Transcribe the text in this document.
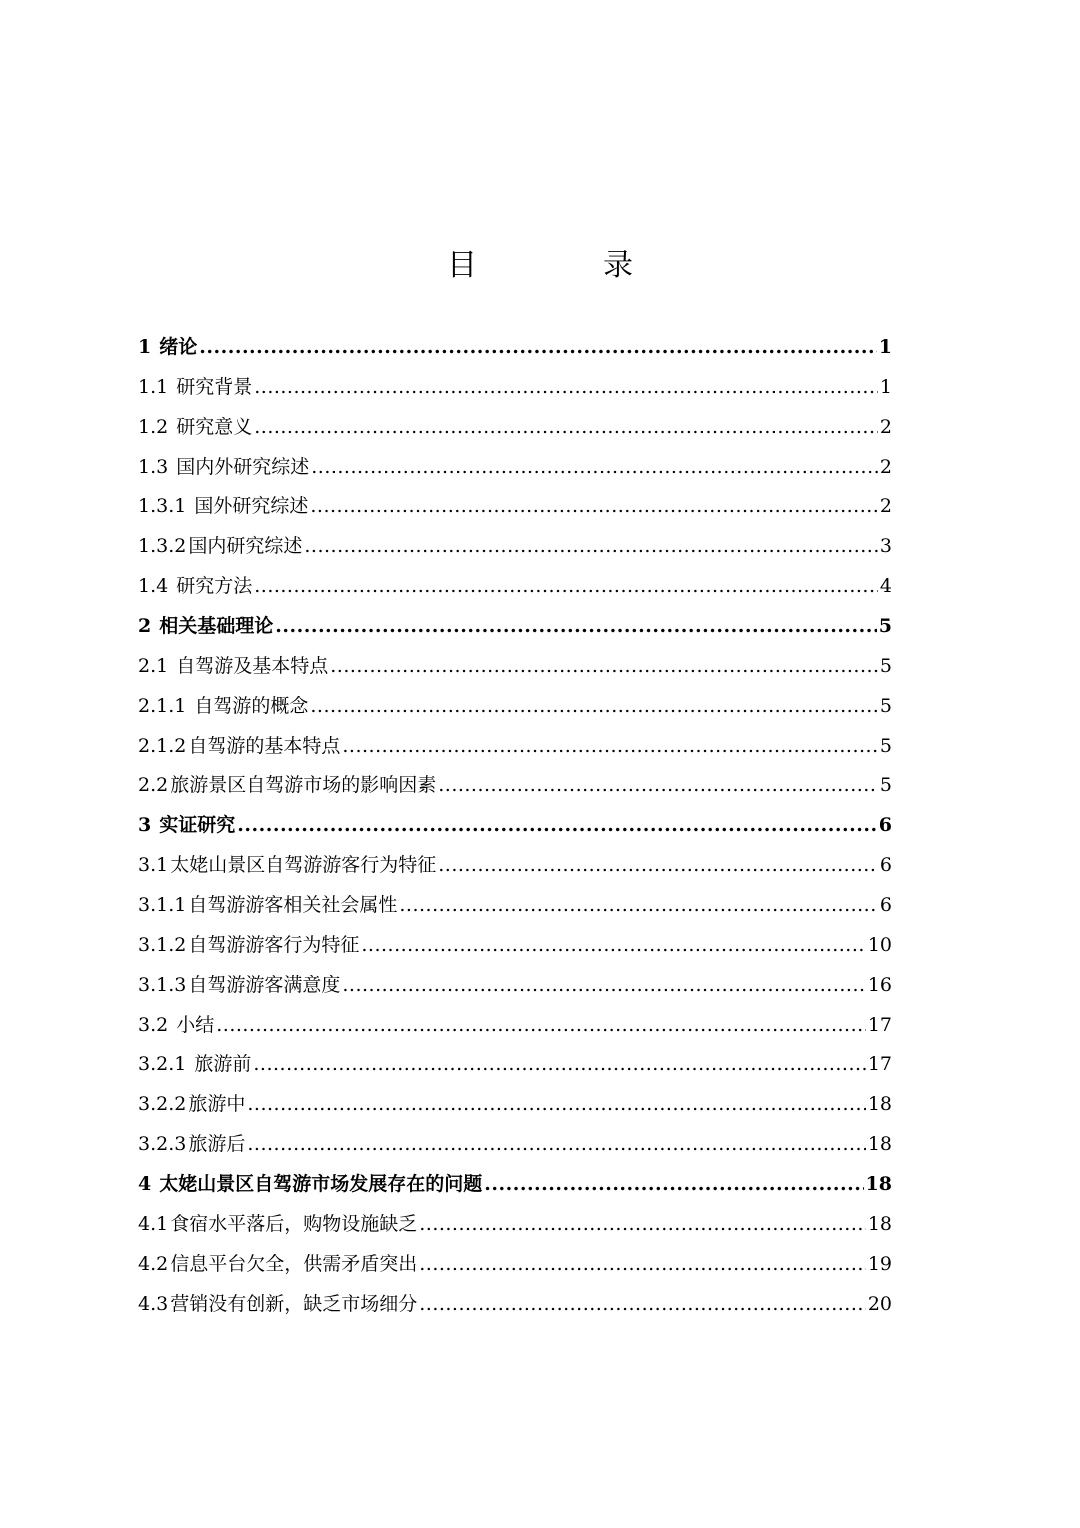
目　录
1 绪论 .....	1
1.1 研究背景 .....	1
1.2 研究意义 .....	2
1.3 国内外研究综述 .....	2
1.3.1 国外研究综述 .....	2
1.3.2 国内研究综述 .....	3
1.4 研究方法 .....	4
2 相关基础理论 .....	5
2.1 自驾游及基本特点 .....	5
2.1.1 自驾游的概念 .....	5
2.1.2 自驾游的基本特点 .....	5
2.2 旅游景区自驾游市场的影响因素 .....	5
3 实证研究 .....	6
3.1 太姥山景区自驾游游客行为特征 .....	6
3.1.1 自驾游游客相关社会属性 .....	6
3.1.2 自驾游游客行为特征 .....	10
3.1.3 自驾游游客满意度 .....	16
3.2 小结 .....	17
3.2.1 旅游前 .....	17
3.2.2 旅游中 .....	18
3.2.3 旅游后 .....	18
4 太姥山景区自驾游市场发展存在的问题 .....	18
4.1 食宿水平落后，购物设施缺乏 .....	18
4.2 信息平台欠全，供需矛盾突出 .....	19
4.3 营销没有创新，缺乏市场细分 .....	20
